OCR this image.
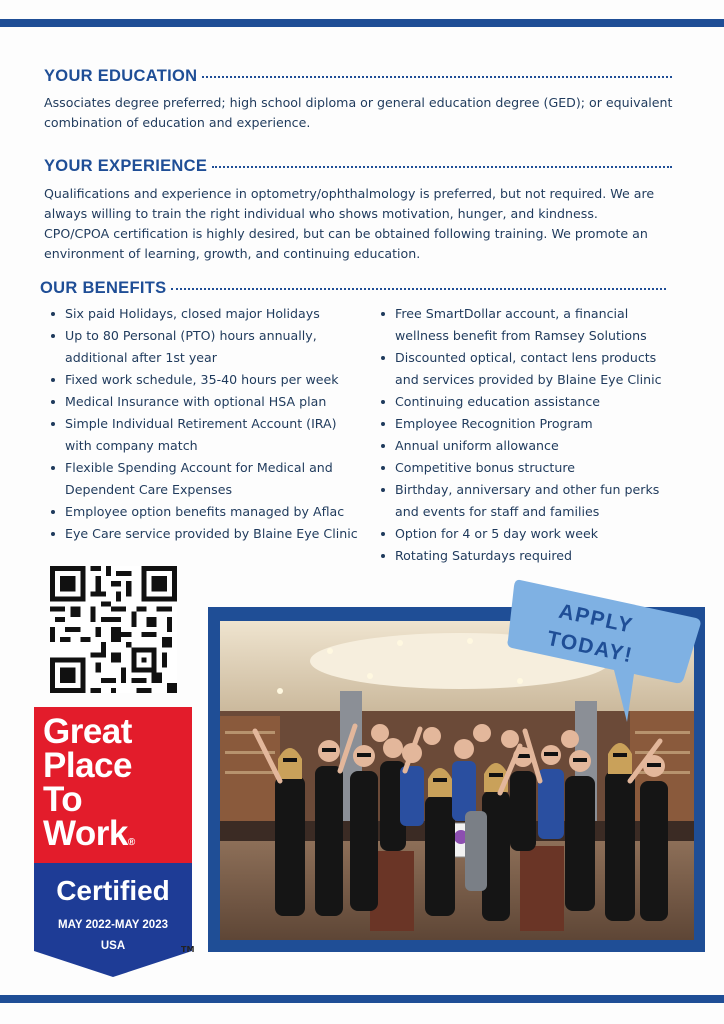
YOUR EDUCATION

Associates degree preferred; high school diploma or general education degree (GED); or equivalent combination of education and experience.

YOUR EXPERIENCE

Qualifications and experience in optometry/ophthalmology is preferred, but not required. We are always willing to train the right individual who shows motivation, hunger, and kindness.

CPO/CPOA certification is highly desired, but can be obtained following training. We promote an environment of learning, growth, and continuing education.

OUR BENEFITS
Six paid Holidays, closed major Holidays
Up to 80 Personal (PTO) hours annually, additional after 1st year
Fixed work schedule, 35-40 hours per week
Medical Insurance with optional HSA plan
Simple Individual Retirement Account (IRA) with company match
Flexible Spending Account for Medical and Dependent Care Expenses
Employee option benefits managed by Aflac
Eye Care service provided by Blaine Eye Clinic
Free SmartDollar account, a financial wellness benefit from Ramsey Solutions
Discounted optical, contact lens products and services provided by Blaine Eye Clinic
Continuing education assistance
Employee Recognition Program
Annual uniform allowance
Competitive bonus structure
Birthday, anniversary and other fun perks and events for staff and families
Option for 4 or 5 day work week
Rotating Saturdays required
Great
Place
To
Work®
Certified
MAY 2022-MAY 2023
USA	TM
APPLY
TODAY!
